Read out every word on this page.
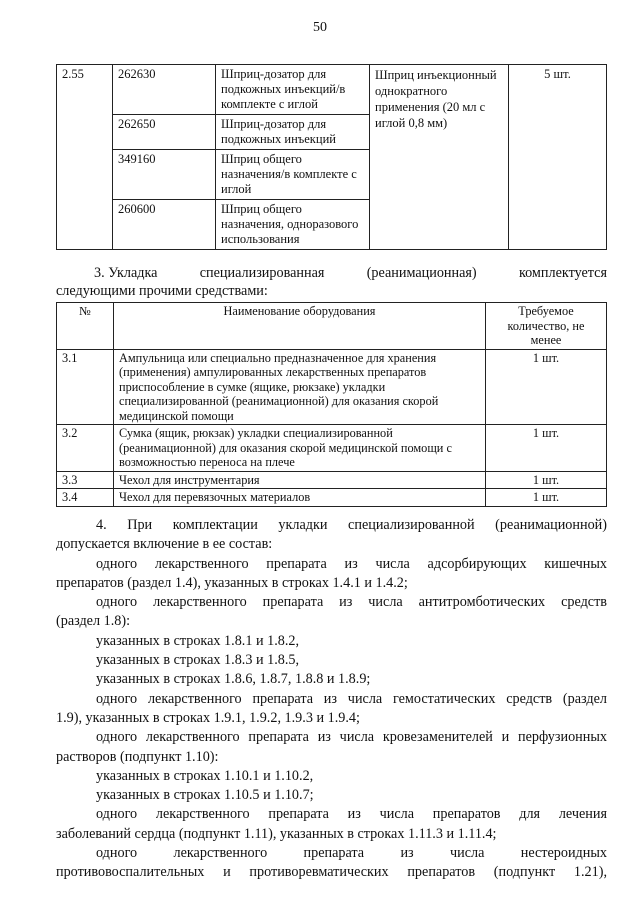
50
2.55	262630	Шприц-дозатор для подкожных инъекций/в комплекте с иглой	Шприц инъекционный однократного применения (20 мл с иглой 0,8 мм)	5 шт.
	262650	Шприц-дозатор для подкожных инъекций		
	349160	Шприц общего назначения/в комплекте с иглой		
	260600	Шприц общего назначения, одноразового использования		
3. Укладка	специализированная	(реанимационная)	комплектуется
следующими прочими средствами:
№	Наименование оборудования	Требуемое количество, не менее
3.1	Ампульница или специально предназначенное для хранения (применения) ампулированных лекарственных препаратов приспособление в сумке (ящике, рюкзаке) укладки специализированной (реанимационной) для оказания скорой медицинской помощи	1 шт.
3.2	Сумка (ящик, рюкзак) укладки специализированной (реанимационной) для оказания скорой медицинской помощи с возможностью переноса на плече	1 шт.
3.3	Чехол для инструментария	1 шт.
3.4	Чехол для перевязочных материалов	1 шт.
4. При комплектации укладки специализированной (реанимационной)
допускается включение в ее состав:
одного лекарственного препарата из числа адсорбирующих кишечных
препаратов (раздел 1.4), указанных в строках 1.4.1 и 1.4.2;
одного лекарственного препарата из числа антитромботических средств
(раздел 1.8):
указанных в строках 1.8.1 и 1.8.2,
указанных в строках 1.8.3 и 1.8.5,
указанных в строках 1.8.6, 1.8.7, 1.8.8 и 1.8.9;
одного лекарственного препарата из числа гемостатических средств (раздел
1.9), указанных в строках 1.9.1, 1.9.2, 1.9.3 и 1.9.4;
одного лекарственного препарата из числа кровезаменителей и перфузионных
растворов (подпункт 1.10):
указанных в строках 1.10.1 и 1.10.2,
указанных в строках 1.10.5 и 1.10.7;
одного лекарственного препарата из числа препаратов для лечения
заболеваний сердца (подпункт 1.11), указанных в строках 1.11.3 и 1.11.4;
одного лекарственного препарата из числа нестероидных
противовоспалительных и противоревматических препаратов (подпункт 1.21),
